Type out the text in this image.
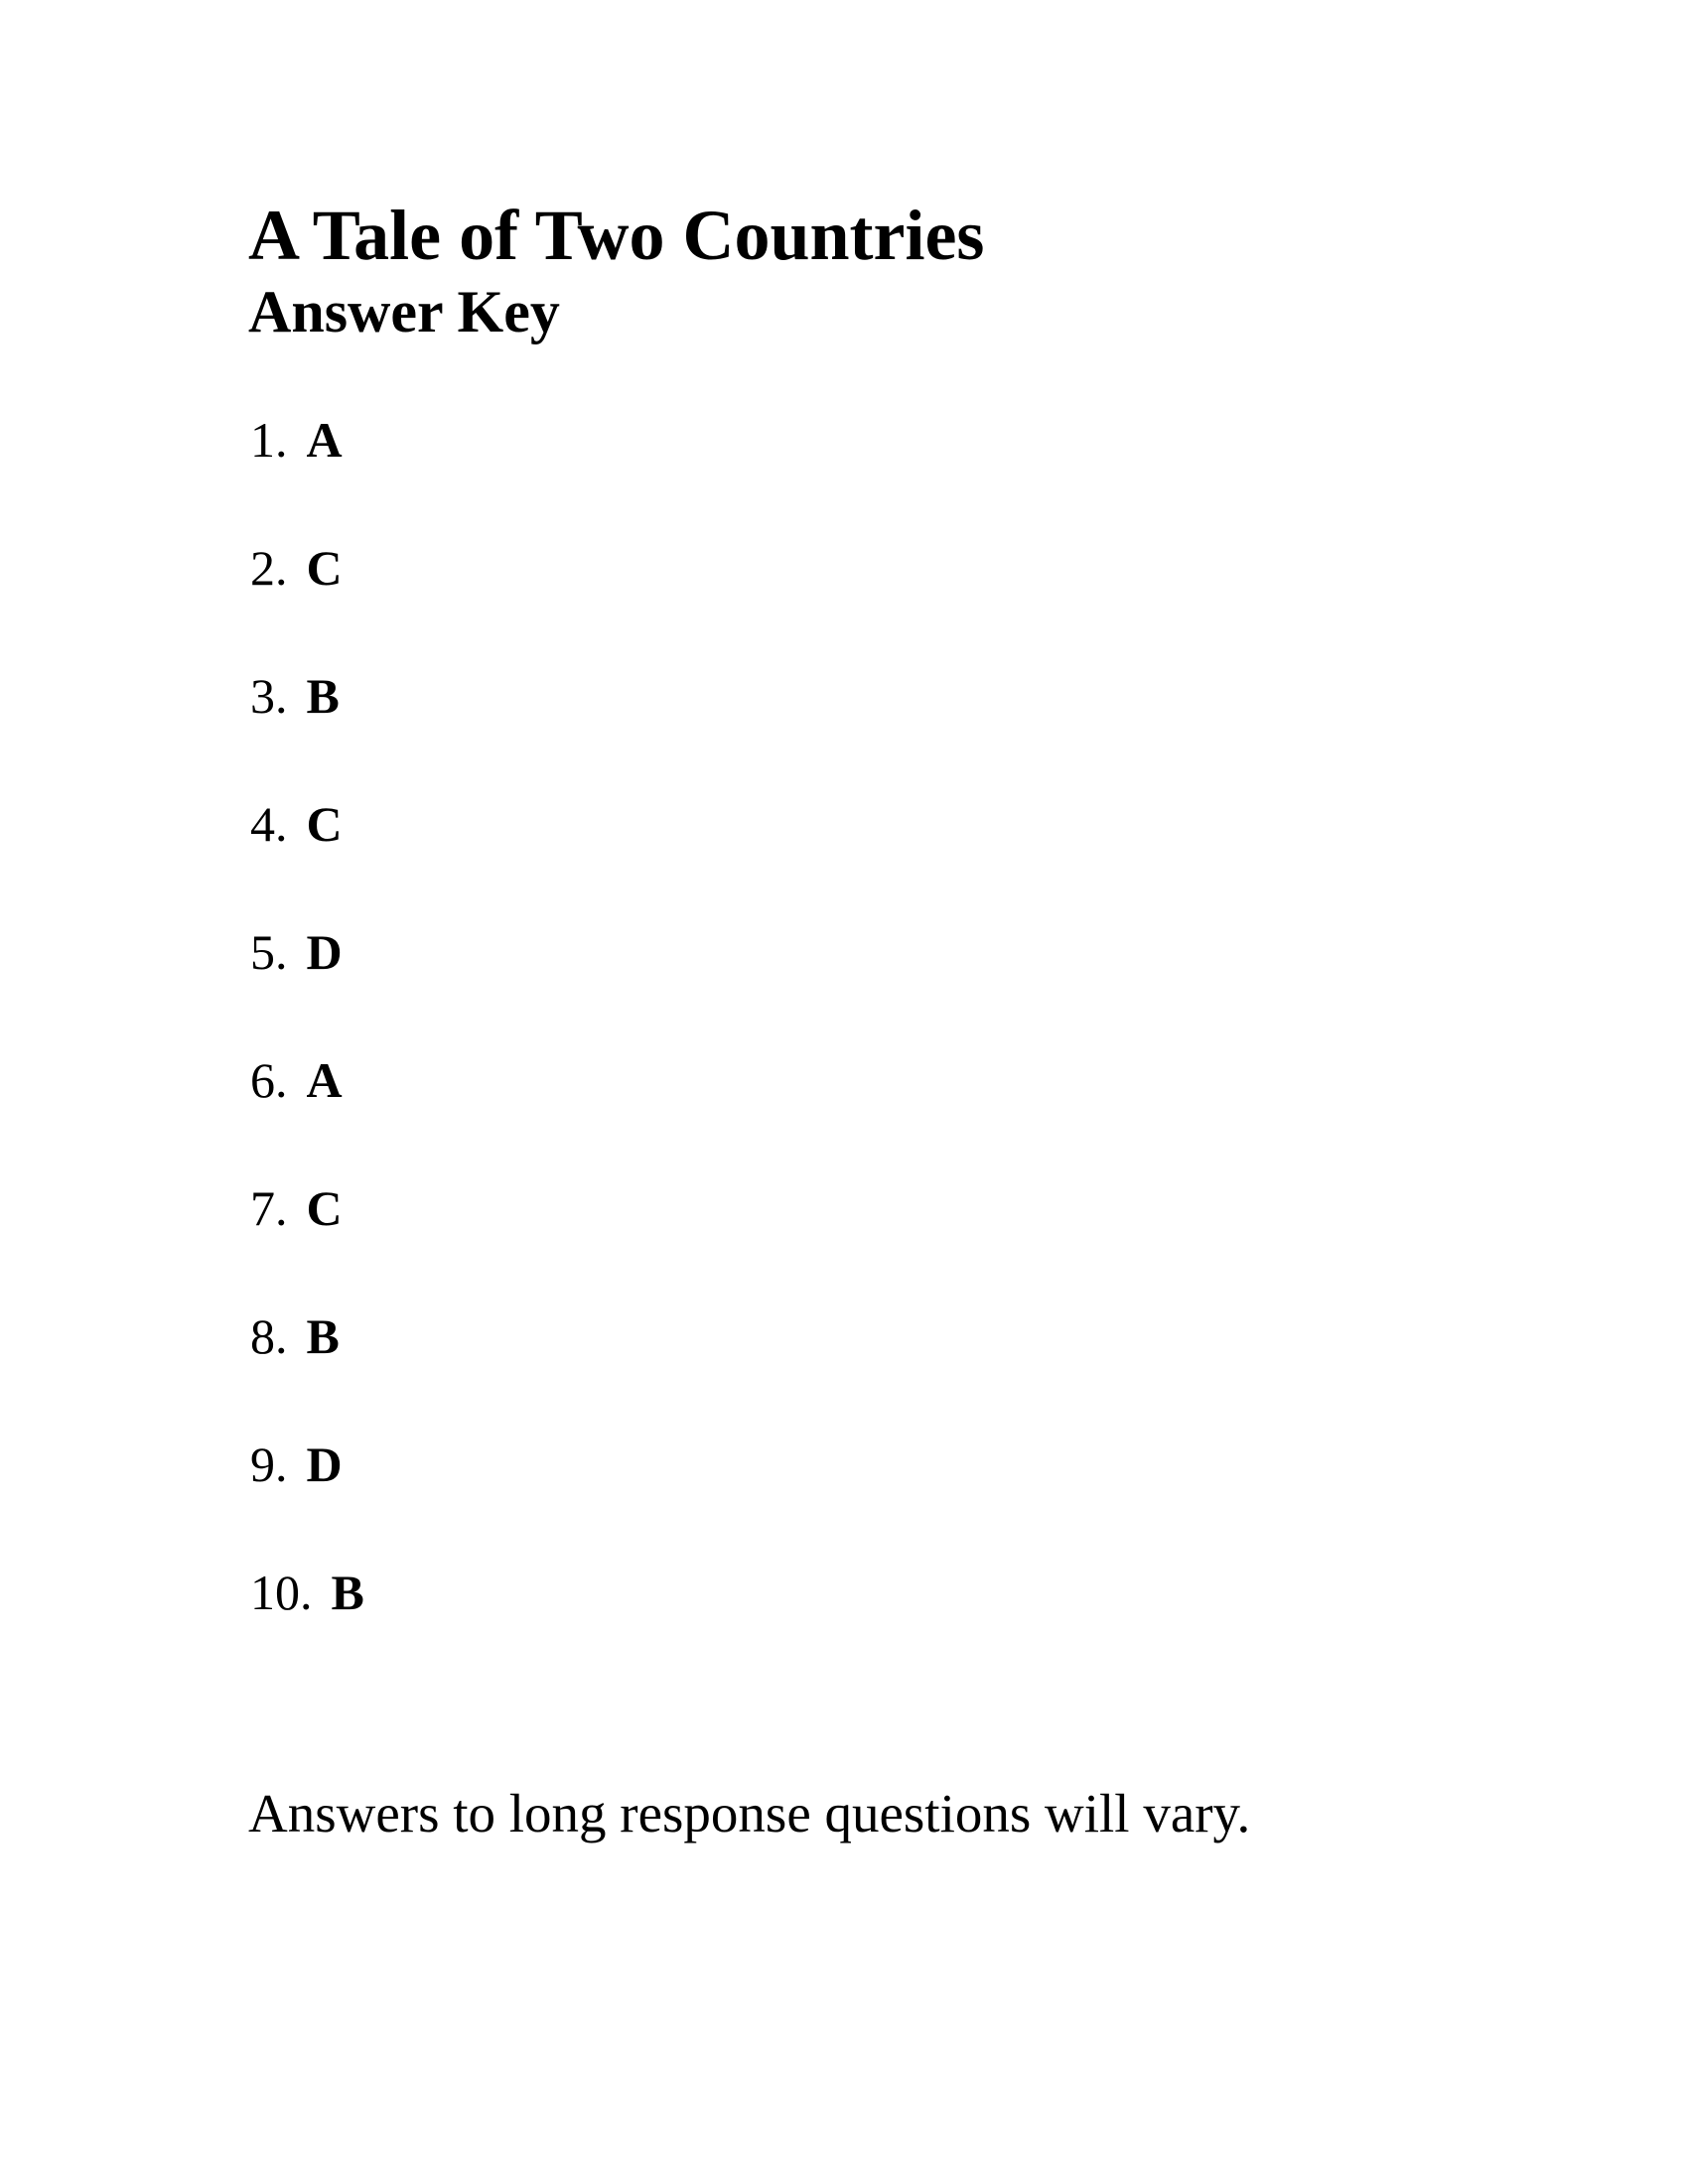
A Tale of Two Countries
Answer Key
1. A
2. C
3. B
4. C
5. D
6. A
7. C
8. B
9. D
10. B
Answers to long response questions will vary.
